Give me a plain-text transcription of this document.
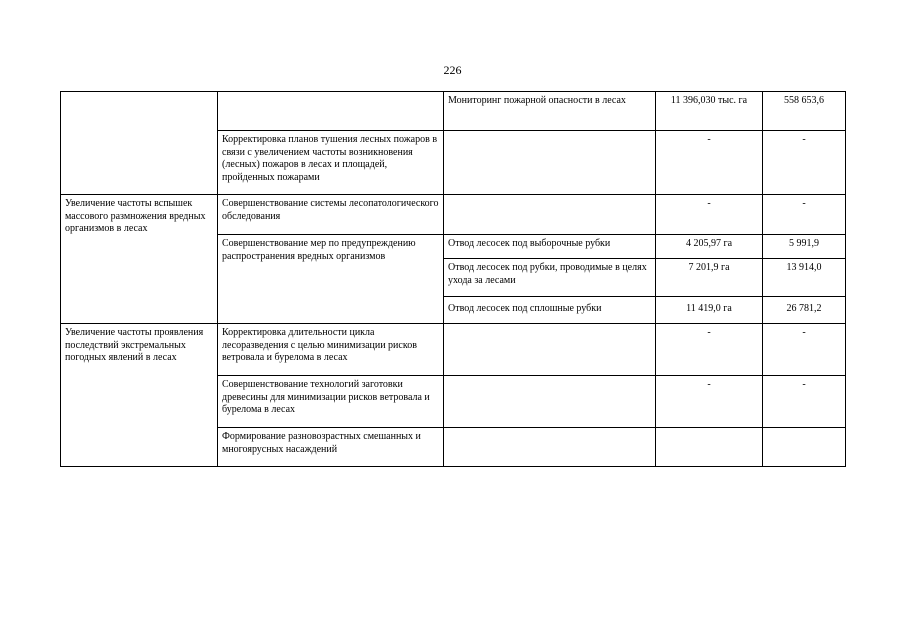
226
		Мониторинг пожарной опасности в лесах	11 396,030 тыс. га	558 653,6
	Корректировка планов тушения лесных пожаров в связи с увеличением частоты возникновения (лесных) пожаров в лесах и площадей, пройденных пожарами		-	-
Увеличение частоты вспышек массового размножения вредных организмов в лесах	Совершенствование системы лесопатологического обследования		-	-
	Совершенствование мер по предупреждению распространения вредных организмов	Отвод лесосек под выборочные рубки	4 205,97 га	5 991,9
		Отвод лесосек под рубки, проводимые в целях ухода за лесами	7 201,9 га	13 914,0
		Отвод лесосек под сплошные рубки	11 419,0 га	26 781,2
Увеличение частоты проявления последствий экстремальных погодных явлений в лесах	Корректировка длительности цикла лесоразведения с целью минимизации рисков ветровала и бурелома в лесах		-	-
	Совершенствование технологий заготовки древесины для минимизации рисков ветровала и бурелома в лесах		-	-
	Формирование разновозрастных смешанных и многоярусных насаждений			
